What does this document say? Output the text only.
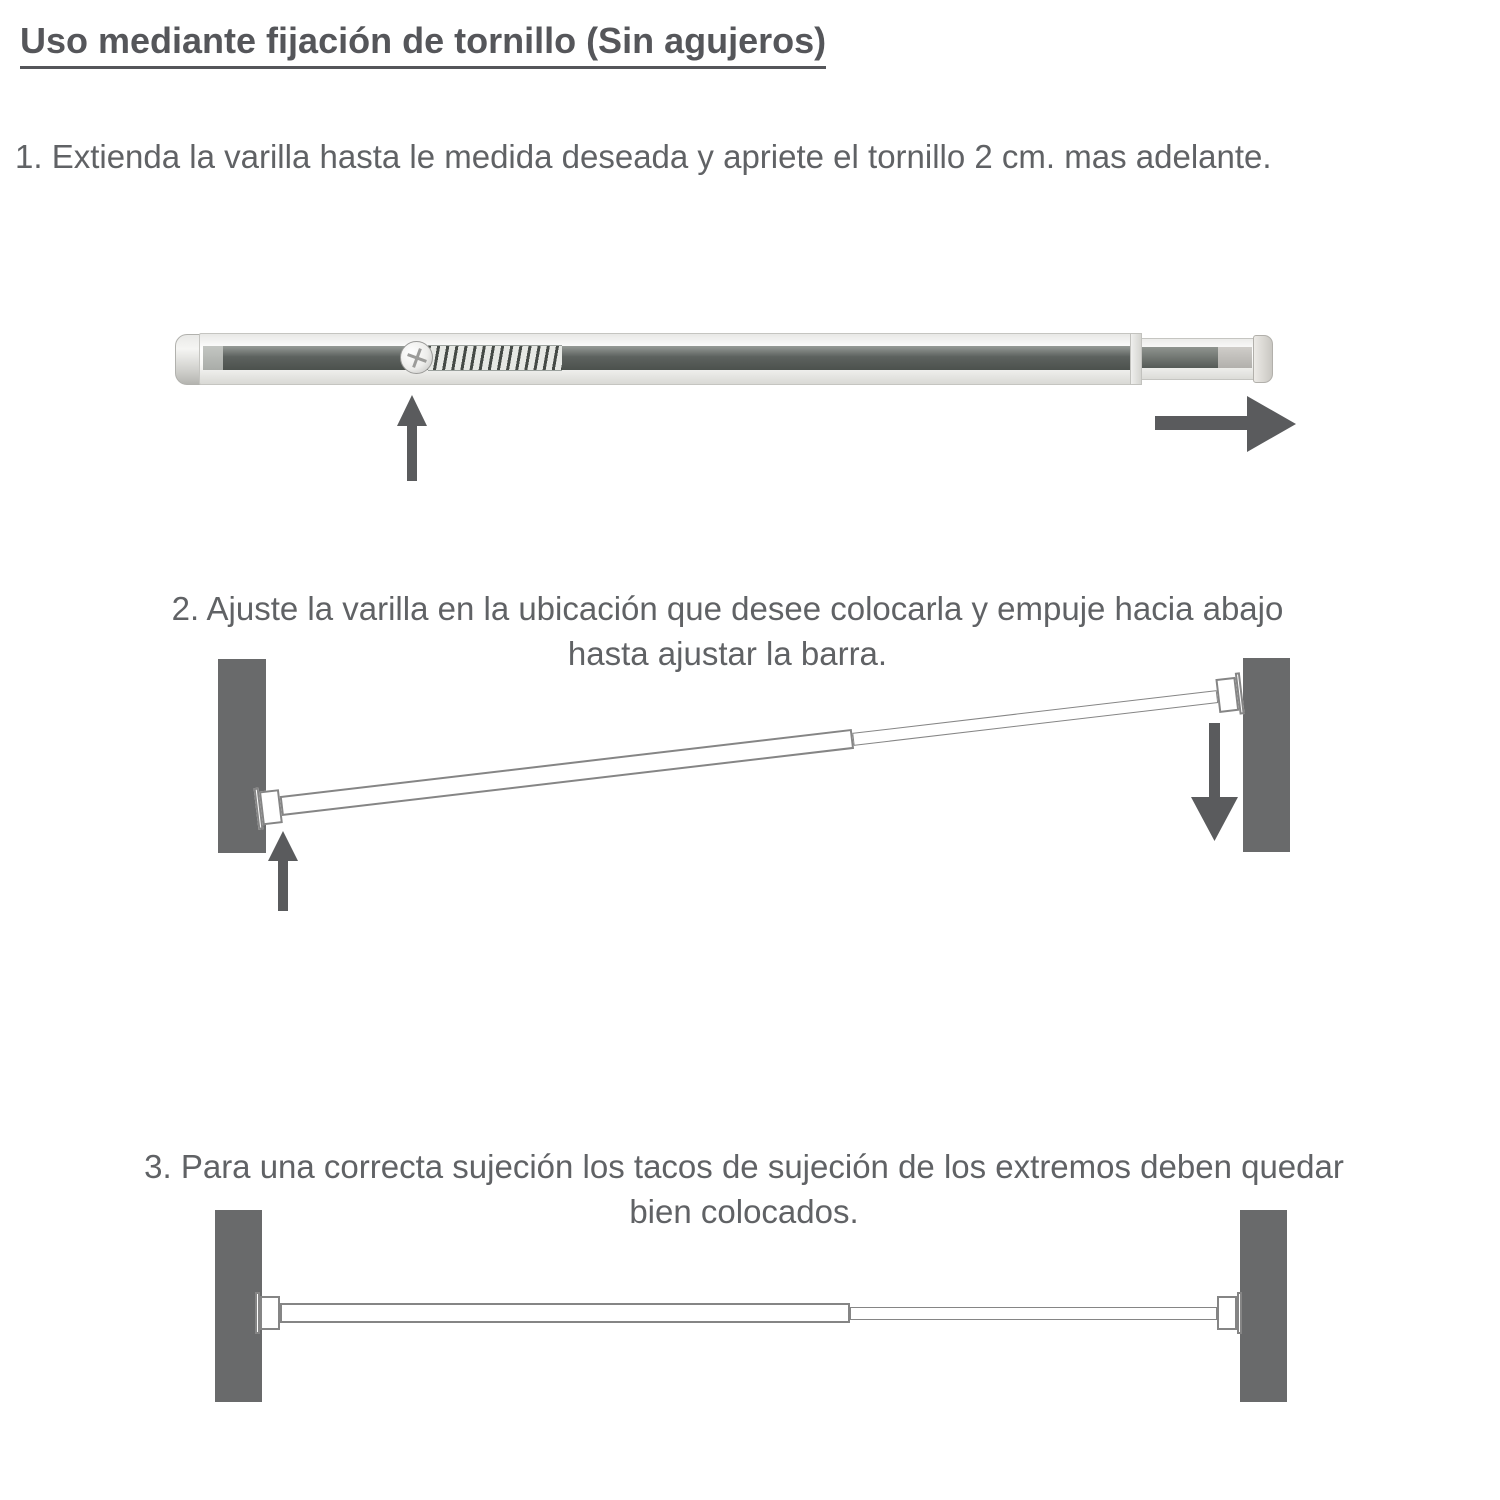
Uso mediante fijación de tornillo (Sin agujeros)
1. Extienda la varilla hasta le medida deseada y apriete el tornillo 2 cm. mas adelante.
2. Ajuste la varilla en la ubicación que desee colocarla y empuje hacia abajo
hasta ajustar la barra.
3. Para una correcta sujeción los tacos de sujeción de los extremos deben quedar
bien colocados.
